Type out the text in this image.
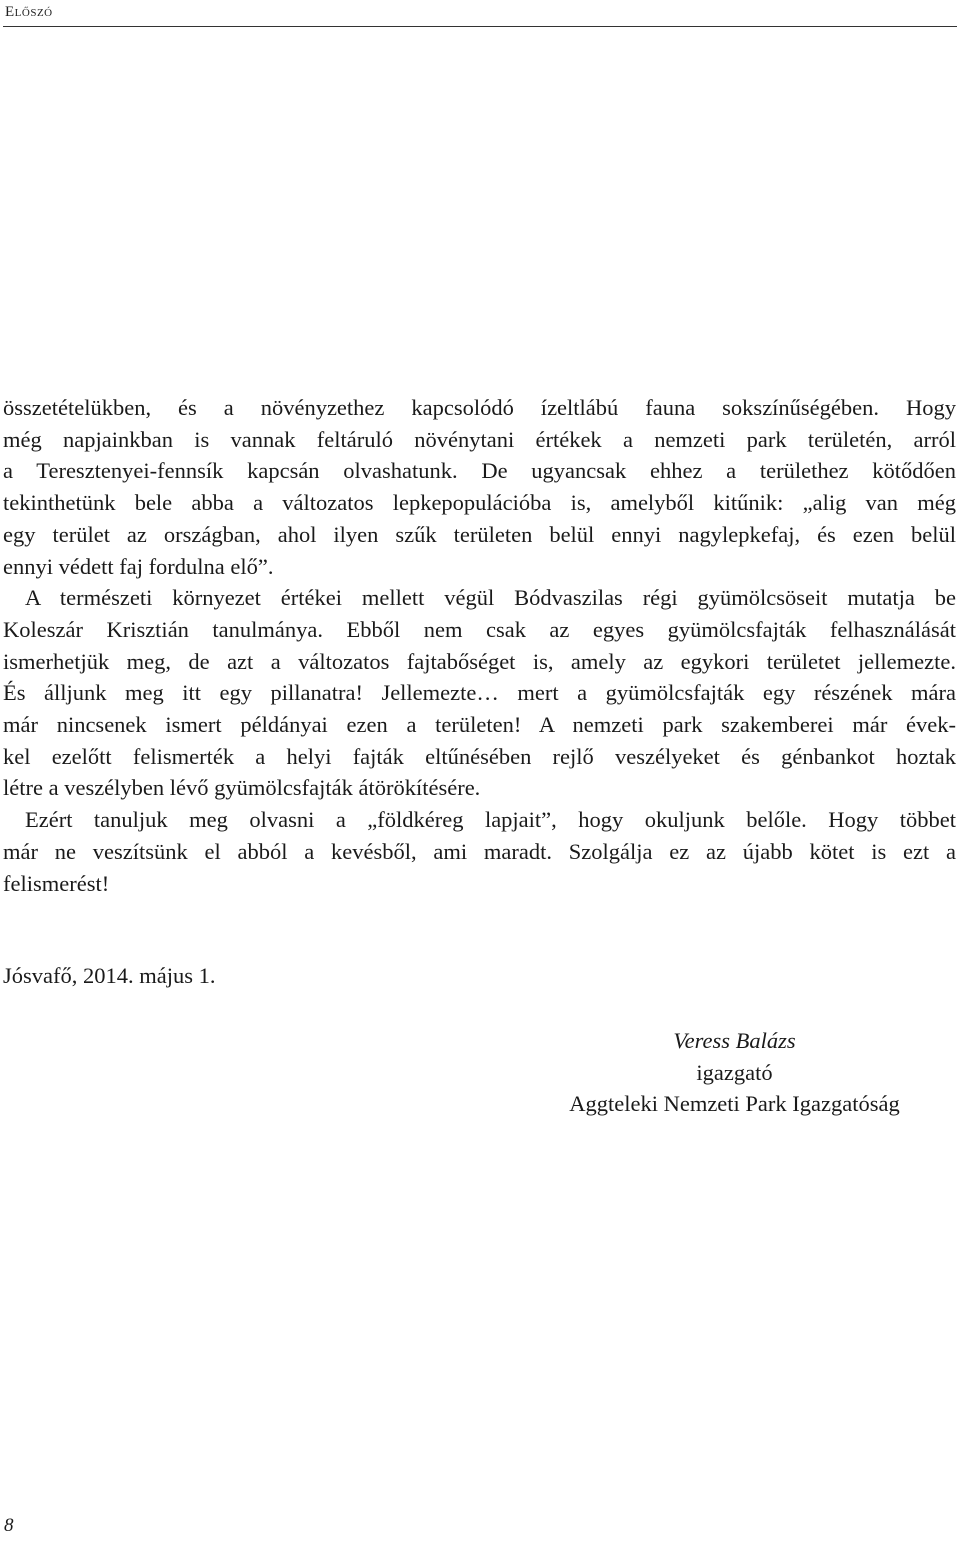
Előszó
összetételükben, és a növényzethez kapcsolódó ízeltlábú fauna sokszínűségében. Hogy
még napjainkban is vannak feltáruló növénytani értékek a nemzeti park területén, arról
a Teresztenyei-fennsík kapcsán olvashatunk. De ugyancsak ehhez a területhez kötődően
tekinthetünk bele abba a változatos lepkepopulációba is, amelyből kitűnik: „alig van még
egy terület az országban, ahol ilyen szűk területen belül ennyi nagylepkefaj, és ezen belül
ennyi védett faj fordulna elő”.
A természeti környezet értékei mellett végül Bódvaszilas régi gyümölcsöseit mutatja be
Koleszár Krisztián tanulmánya. Ebből nem csak az egyes gyümölcsfajták felhasználását
ismerhetjük meg, de azt a változatos fajtabőséget is, amely az egykori területet jellemezte.
És álljunk meg itt egy pillanatra! Jellemezte… mert a gyümölcsfajták egy részének mára
már nincsenek ismert példányai ezen a területen! A nemzeti park szakemberei már évek-
kel ezelőtt felismerték a helyi fajták eltűnésében rejlő veszélyeket és génbankot hoztak
létre a veszélyben lévő gyümölcsfajták átörökítésére.
Ezért tanuljuk meg olvasni a „földkéreg lapjait”, hogy okuljunk belőle. Hogy többet
már ne veszítsünk el abból a kevésből, ami maradt. Szolgálja ez az újabb kötet is ezt a
felismerést!
Jósvafő, 2014. május 1.
Veress Balázs
igazgató
Aggteleki Nemzeti Park Igazgatóság
8
